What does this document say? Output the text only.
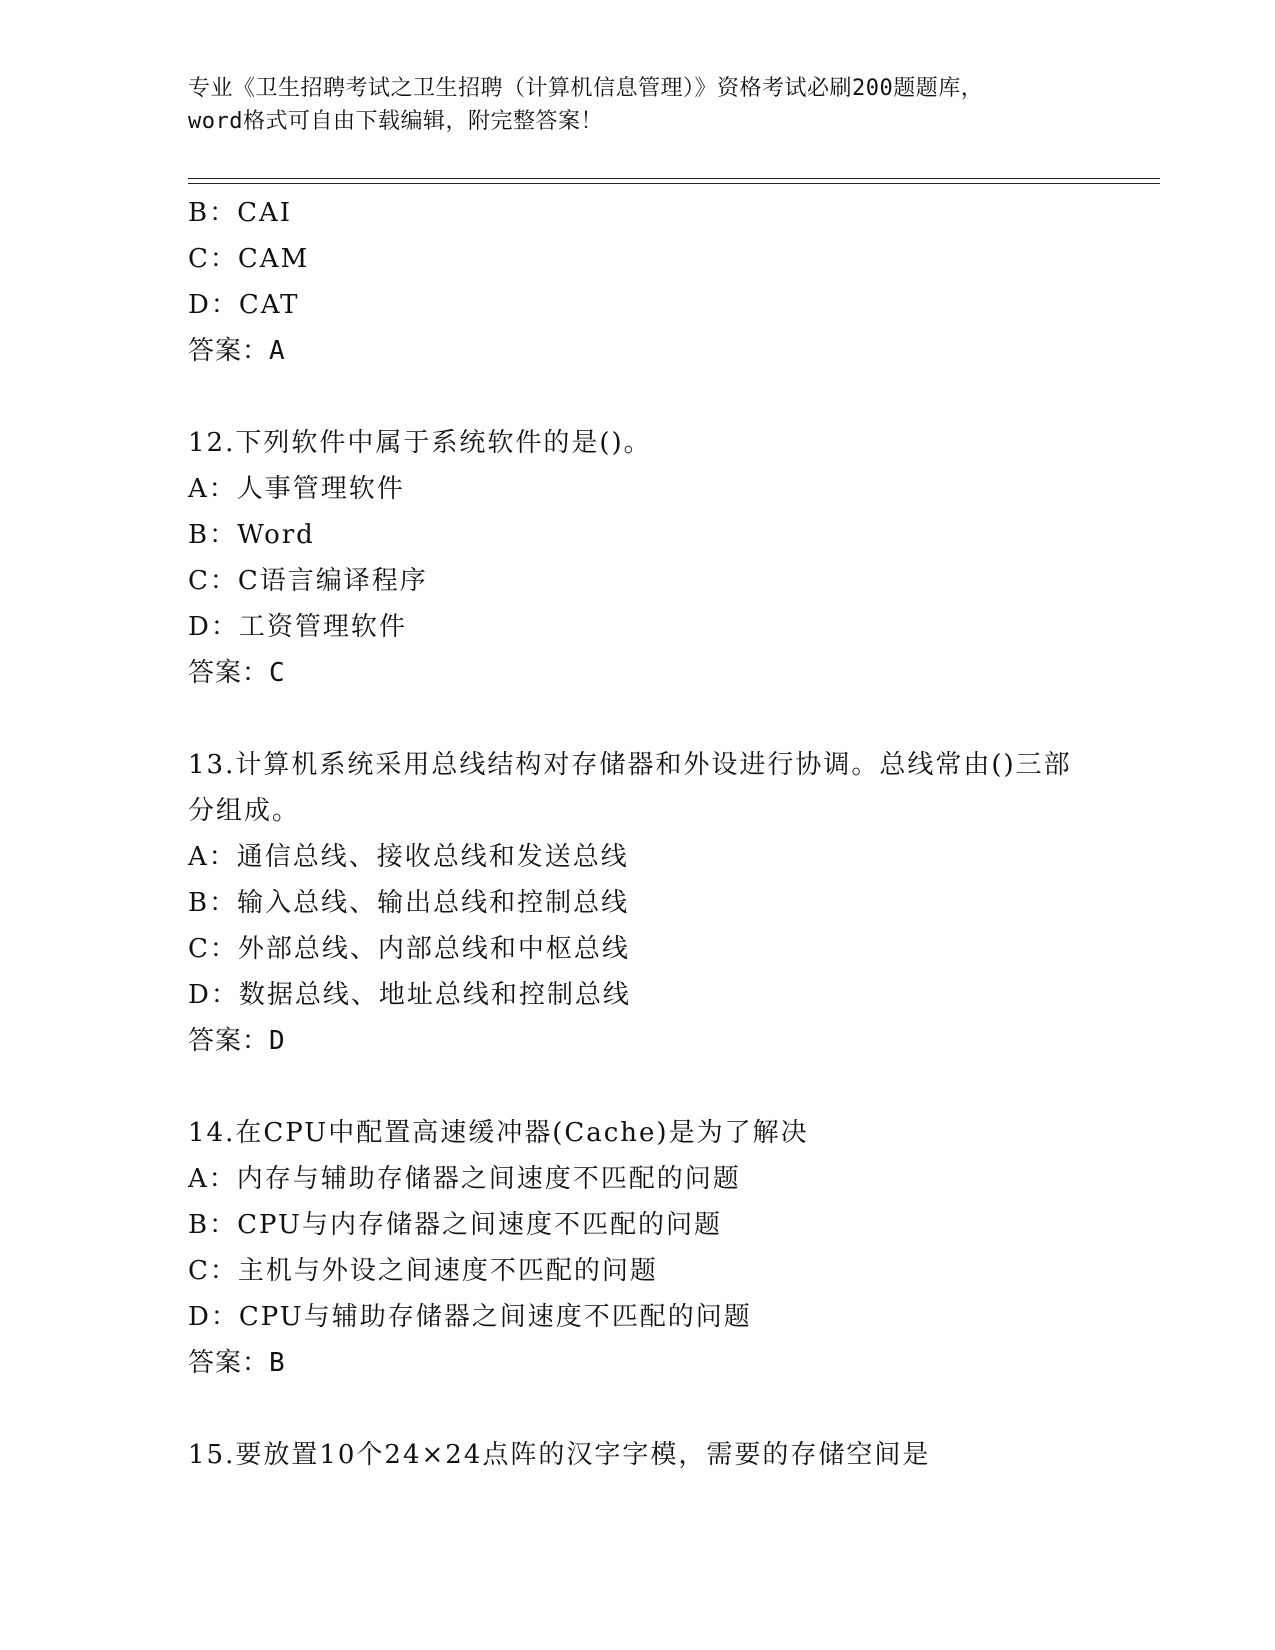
专业《卫生招聘考试之卫生招聘（计算机信息管理）》资格考试必刷200题题库，
word格式可自由下载编辑，附完整答案！
B：CAI
C：CAM
D：CAT
答案：A
12.下列软件中属于系统软件的是()。
A：人事管理软件
B：Word
C：C语言编译程序
D：工资管理软件
答案：C
13.计算机系统采用总线结构对存储器和外设进行协调。总线常由()三部分组成。
A：通信总线、接收总线和发送总线
B：输入总线、输出总线和控制总线
C：外部总线、内部总线和中枢总线
D：数据总线、地址总线和控制总线
答案：D
14.在CPU中配置高速缓冲器(Cache)是为了解决
A：内存与辅助存储器之间速度不匹配的问题
B：CPU与内存储器之间速度不匹配的问题
C：主机与外设之间速度不匹配的问题
D：CPU与辅助存储器之间速度不匹配的问题
答案：B
15.要放置10个24×24点阵的汉字字模，需要的存储空间是
